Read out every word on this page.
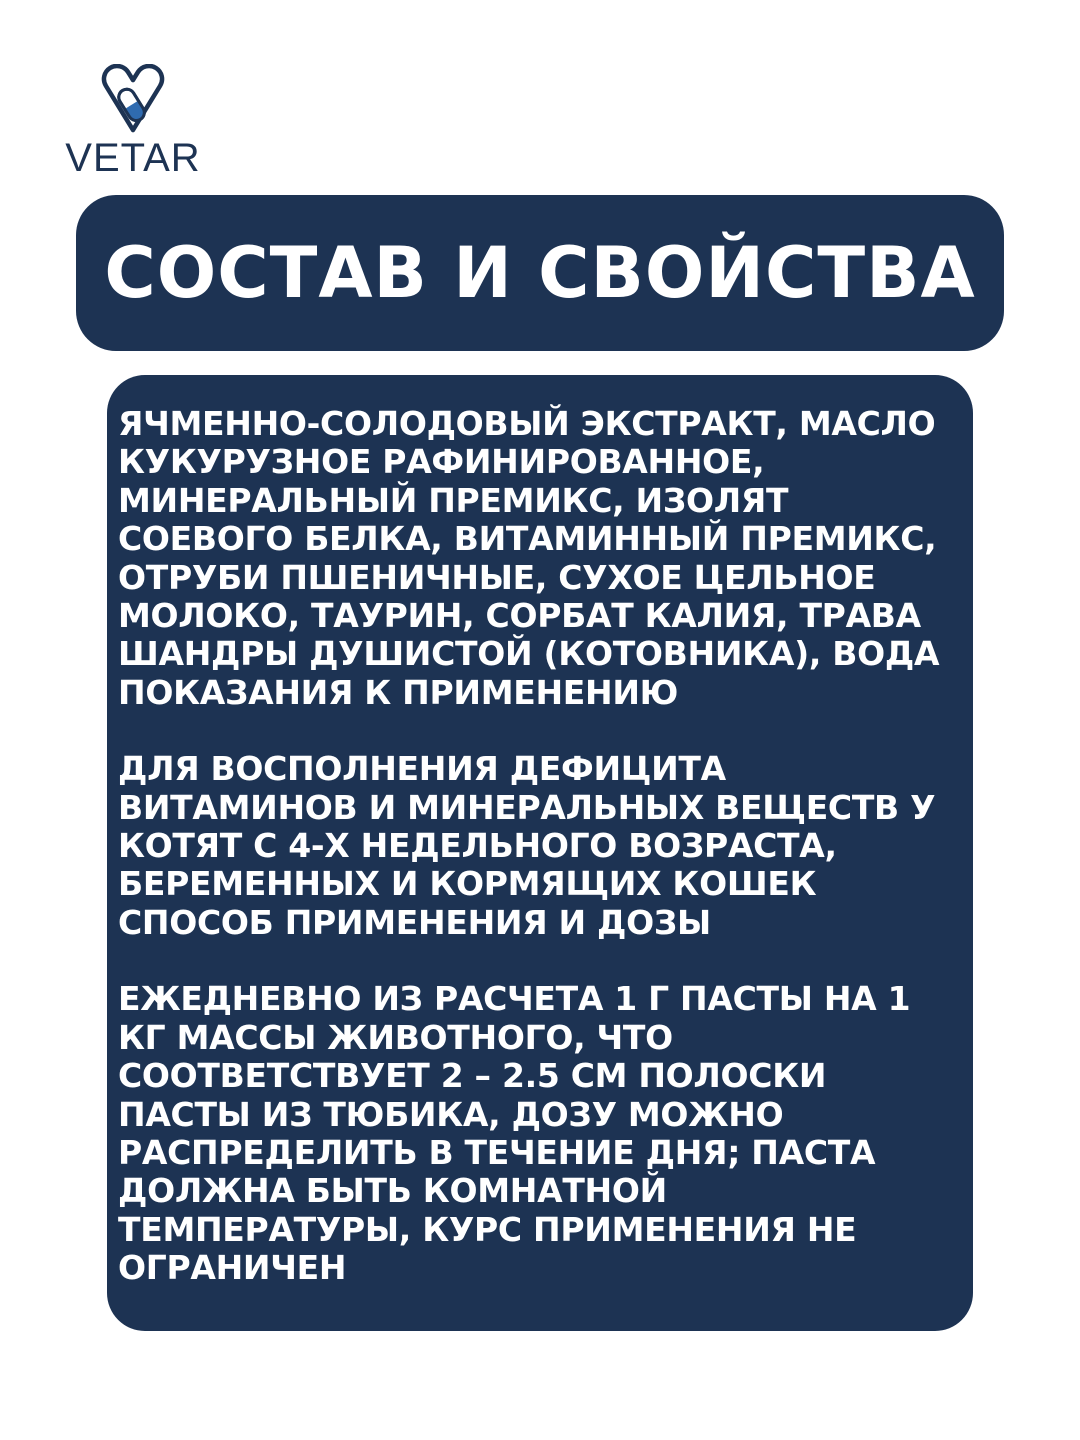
VETAR
СОСТАВ И СВОЙСТВА

ЯЧМЕННО-СОЛОДОВЫЙ ЭКСТРАКТ, МАСЛО КУКУРУЗНОЕ РАФИНИРОВАННОЕ, МИНЕРАЛЬНЫЙ ПРЕМИКС, ИЗОЛЯТ СОЕВОГО БЕЛКА, ВИТАМИННЫЙ ПРЕМИКС, ОТРУБИ ПШЕНИЧНЫЕ, СУХОЕ ЦЕЛЬНОЕ МОЛОКО, ТАУРИН, СОРБАТ КАЛИЯ, ТРАВА ШАНДРЫ ДУШИСТОЙ (КОТОВНИКА), ВОДА ПОКАЗАНИЯ К ПРИМЕНЕНИЮ

ДЛЯ ВОСПОЛНЕНИЯ ДЕФИЦИТА ВИТАМИНОВ И МИНЕРАЛЬНЫХ ВЕЩЕСТВ У КОТЯТ С 4-Х НЕДЕЛЬНОГО ВОЗРАСТА, БЕРЕМЕННЫХ И КОРМЯЩИХ КОШЕК СПОСОБ ПРИМЕНЕНИЯ И ДОЗЫ

ЕЖЕДНЕВНО ИЗ РАСЧЕТА 1 Г ПАСТЫ НА 1 КГ МАССЫ ЖИВОТНОГО, ЧТО СООТВЕТСТВУЕТ 2 – 2.5 СМ ПОЛОСКИ ПАСТЫ ИЗ ТЮБИКА, ДОЗУ МОЖНО РАСПРЕДЕЛИТЬ В ТЕЧЕНИЕ ДНЯ; ПАСТА ДОЛЖНА БЫТЬ КОМНАТНОЙ ТЕМПЕРАТУРЫ, КУРС ПРИМЕНЕНИЯ НЕ ОГРАНИЧЕН
